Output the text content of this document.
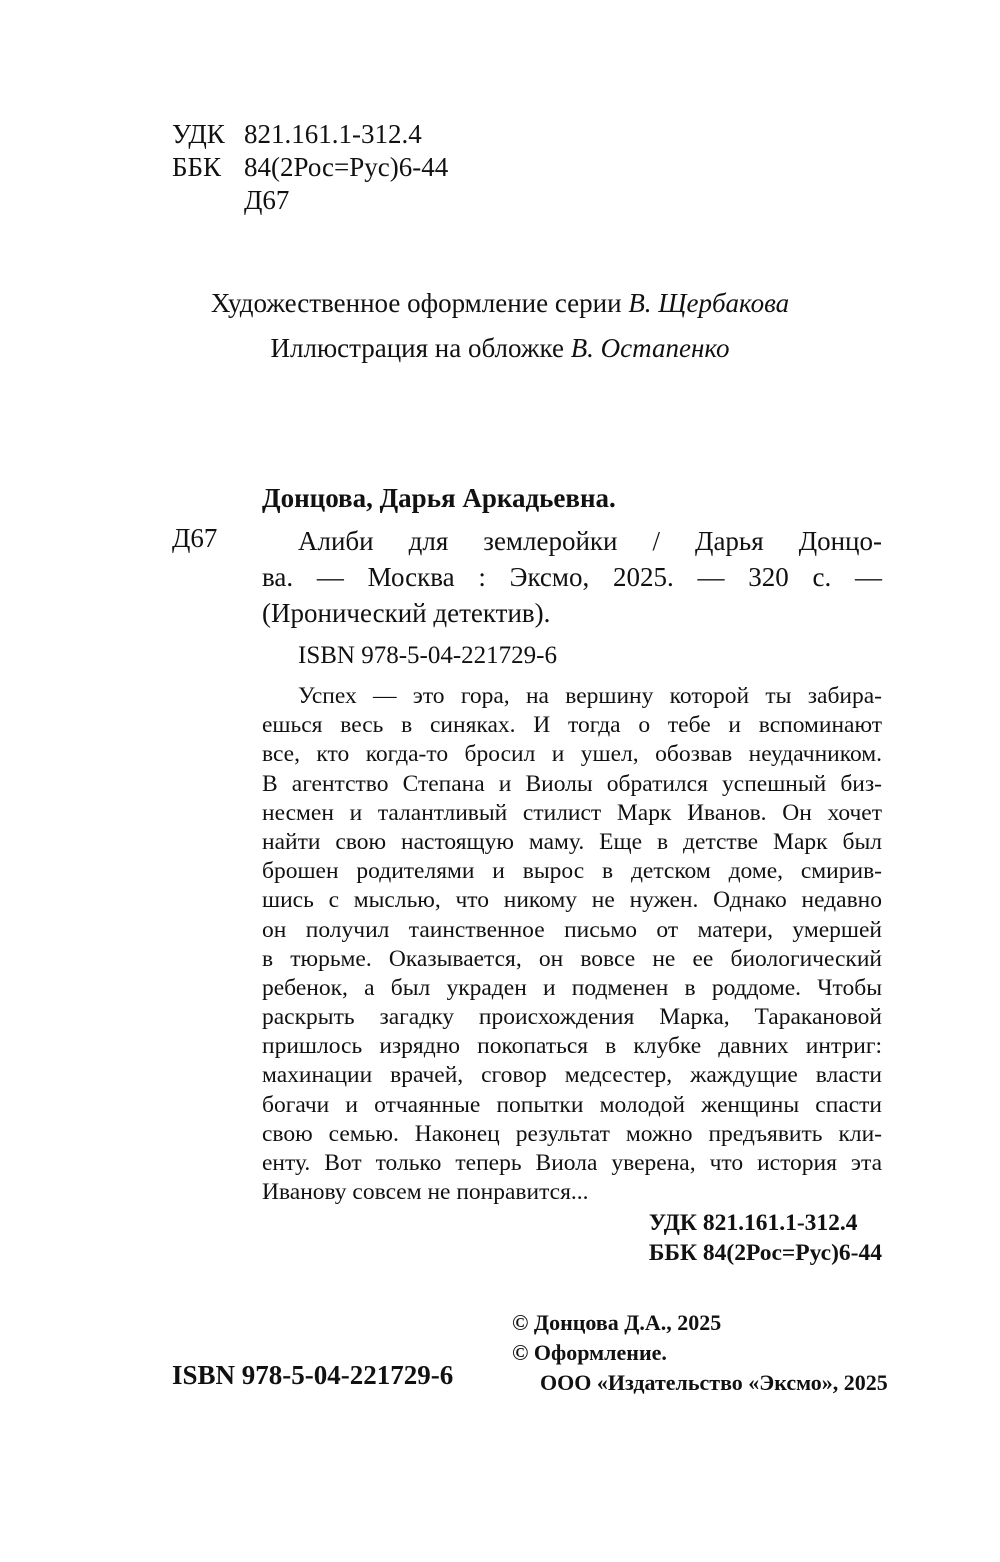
УДК 821.161.1-312.4
ББК 84(2Рос=Рус)6-44
Д67
Художественное оформление серии В. Щербакова
Иллюстрация на обложке В. Остапенко
Донцова, Дарья Аркадьевна.
Д67	Алиби для землеройки / Дарья Донцо-
ва. — Москва : Эксмо, 2025. — 320 с. —
(Иронический детектив).
ISBN 978-5-04-221729-6
Успех — это гора, на вершину которой ты забира-
ешься весь в синяках. И тогда о тебе и вспоминают
все, кто когда-то бросил и ушел, обозвав неудачником.
В агентство Степана и Виолы обратился успешный биз-
несмен и талантливый стилист Марк Иванов. Он хочет
найти свою настоящую маму. Еще в детстве Марк был
брошен родителями и вырос в детском доме, смирив-
шись с мыслью, что никому не нужен. Однако недавно
он получил таинственное письмо от матери, умершей
в тюрьме. Оказывается, он вовсе не ее биологический
ребенок, а был украден и подменен в роддоме. Чтобы
раскрыть загадку происхождения Марка, Таракановой
пришлось изрядно покопаться в клубке давних интриг:
махинации врачей, сговор медсестер, жаждущие власти
богачи и отчаянные попытки молодой женщины спасти
свою семью. Наконец результат можно предъявить кли-
енту. Вот только теперь Виола уверена, что история эта
Иванову совсем не понравится...
УДК 821.161.1-312.4
ББК 84(2Рос=Рус)6-44
© Донцова Д.А., 2025
© Оформление.
ООО «Издательство «Эксмо», 2025
ISBN 978-5-04-221729-6
